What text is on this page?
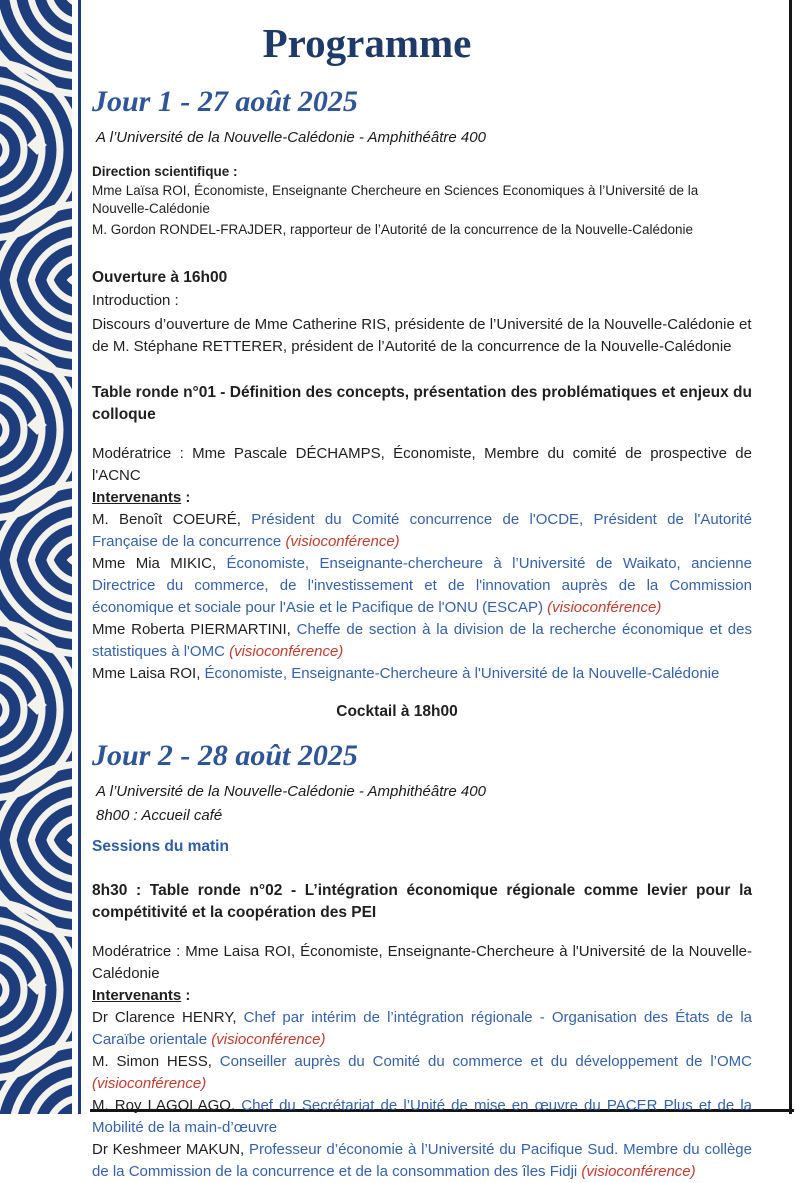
Programme
Jour 1 - 27 août 2025

A l’Université de la Nouvelle-Calédonie - Amphithéâtre 400

Direction scientifique :

Mme Laïsa ROI, Économiste, Enseignante Chercheure en Sciences Economiques à l’Université de la Nouvelle-Calédonie

M. Gordon RONDEL-FRAJDER, rapporteur de l’Autorité de la concurrence de la Nouvelle-Calédonie

Ouverture à 16h00

Introduction :

Discours d’ouverture de Mme Catherine RIS, présidente de l’Université de la Nouvelle-Calédonie et de M. Stéphane RETTERER, président de l’Autorité de la concurrence de la Nouvelle-Calédonie

Table ronde n°01 - Définition des concepts, présentation des problématiques et enjeux du colloque

Modératrice : Mme Pascale DÉCHAMPS, Économiste, Membre du comité de prospective de l'ACNC

Intervenants :

M. Benoît COEURÉ, Président du Comité concurrence de l'OCDE, Président de l'Autorité Française de la concurrence (visioconférence)

Mme Mia MIKIC, Économiste, Enseignante-chercheure à l’Université de Waikato, ancienne Directrice du commerce, de l'investissement et de l'innovation auprès de la Commission économique et sociale pour l'Asie et le Pacifique de l'ONU (ESCAP) (visioconférence)

Mme Roberta PIERMARTINI, Cheffe de section à la division de la recherche économique et des statistiques à l'OMC (visioconférence)

Mme Laisa ROI, Économiste, Enseignante-Chercheure à l'Université de la Nouvelle-Calédonie

Cocktail à 18h00

Jour 2 - 28 août 2025

A l’Université de la Nouvelle-Calédonie - Amphithéâtre 400

8h00 : Accueil café

Sessions du matin

8h30 : Table ronde n°02 - L’intégration économique régionale comme levier pour la compétitivité et la coopération des PEI

Modératrice : Mme Laisa ROI, Économiste, Enseignante-Chercheure à l'Université de la Nouvelle-Calédonie

Intervenants :

Dr Clarence HENRY, Chef par intérim de l’intégration régionale - Organisation des États de la Caraïbe orientale (visioconférence)

M. Simon HESS, Conseiller auprès du Comité du commerce et du développement de l’OMC (visioconférence)

M. Roy LAGOLAGO, Chef du Secrétariat de l’Unité de mise en œuvre du PACER Plus et de la Mobilité de la main-d’œuvre

Dr Keshmeer MAKUN, Professeur d’économie à l’Université du Pacifique Sud. Membre du collège de la Commission de la concurrence et de la consommation des îles Fidji (visioconférence)
